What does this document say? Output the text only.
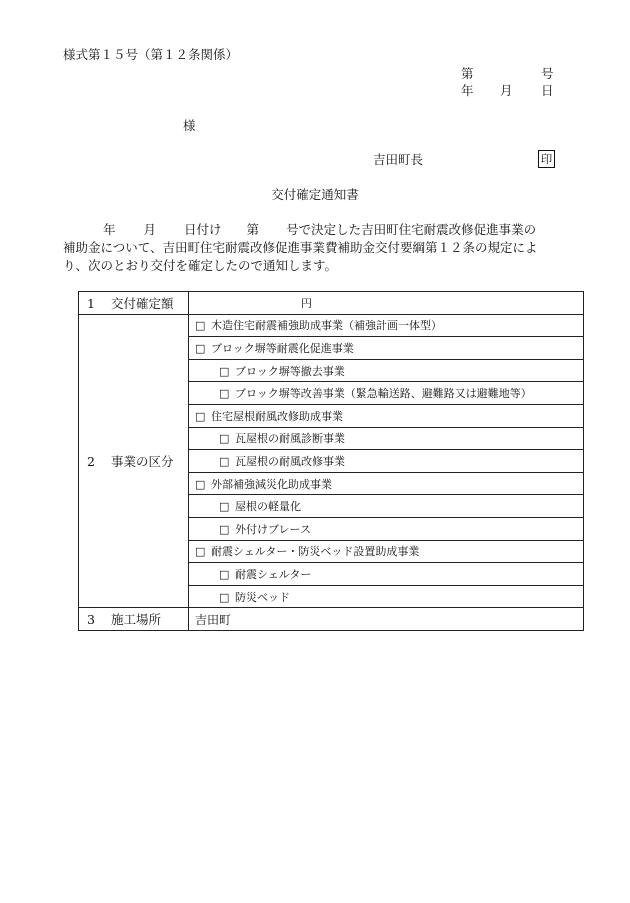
様式第１５号（第１２条関係）
第	号
年 月 日
様
吉田町長	印
交付確定通知書
年 月 日付け 第 号で決定した吉田町住宅耐震改修促進事業の
補助金について、吉田町住宅耐震改修促進事業費補助金交付要綱第１２条の規定によ
り、次のとおり交付を確定したので通知します。
1 交付確定額	円
2 事業の区分	□ 木造住宅耐震補強助成事業（補強計画一体型）
	□ ブロック塀等耐震化促進事業
	□ ブロック塀等撤去事業
	□ ブロック塀等改善事業（緊急輸送路、避難路又は避難地等）
	□ 住宅屋根耐風改修助成事業
	□ 瓦屋根の耐風診断事業
	□ 瓦屋根の耐風改修事業
	□ 外部補強減災化助成事業
	□ 屋根の軽量化
	□ 外付けブレース
	□ 耐震シェルター・防災ベッド設置助成事業
	□ 耐震シェルター
	□ 防災ベッド
3 施工場所	吉田町
